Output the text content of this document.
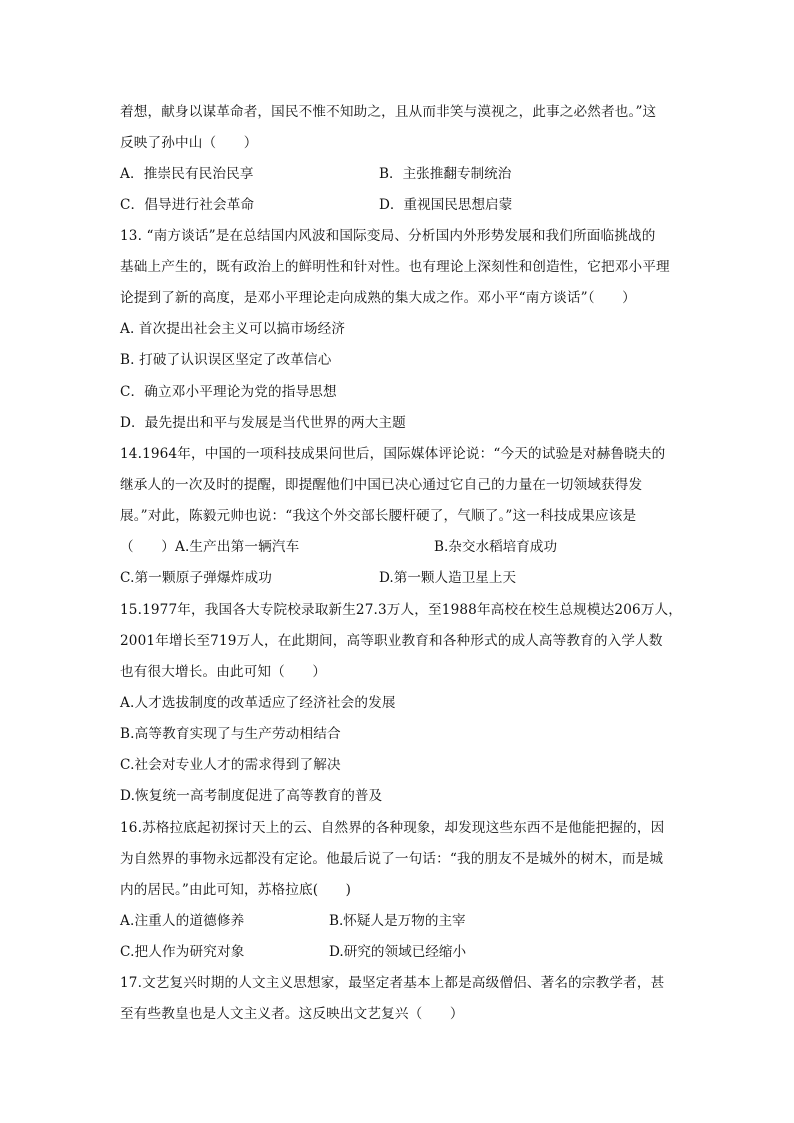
着想，献身以谋革命者，国民不惟不知助之，且从而非笑与漠视之，此事之必然者也。”这
反映了孙中山（　　）
A．推崇民有民治民享	B．主张推翻专制统治
C．倡导进行社会革命	D．重视国民思想启蒙
13. “南方谈话”是在总结国内风波和国际变局、分析国内外形势发展和我们所面临挑战的
基础上产生的，既有政治上的鲜明性和针对性。也有理论上深刻性和创造性，它把邓小平理
论提到了新的高度，是邓小平理论走向成熟的集大成之作。邓小平“南方谈话”（　　）
A. 首次提出社会主义可以搞市场经济
B. 打破了认识误区坚定了改革信心
C．确立邓小平理论为党的指导思想
D．最先提出和平与发展是当代世界的两大主题
14.1964年，中国的一项科技成果问世后，国际媒体评论说：“今天的试验是对赫鲁晓夫的
继承人的一次及时的提醒，即提醒他们中国已决心通过它自己的力量在一切领域获得发
展。”对此，陈毅元帅也说：“我这个外交部长腰杆硬了，气顺了。”这一科技成果应该是
（　　）A.生产出第一辆汽车	B.杂交水稻培育成功
C.第一颗原子弹爆炸成功	D.第一颗人造卫星上天
15.1977年，我国各大专院校录取新生27.3万人，至1988年高校在校生总规模达206万人，
2001年增长至719万人，在此期间，高等职业教育和各种形式的成人高等教育的入学人数
也有很大增长。由此可知（　　）
A.人才选拔制度的改革适应了经济社会的发展
B.高等教育实现了与生产劳动相结合
C.社会对专业人才的需求得到了解决
D.恢复统一高考制度促进了高等教育的普及
16.苏格拉底起初探讨天上的云、自然界的各种现象，却发现这些东西不是他能把握的，因
为自然界的事物永远都没有定论。他最后说了一句话：“我的朋友不是城外的树木，而是城
内的居民。”由此可知，苏格拉底(　　)
A.注重人的道德修养	B.怀疑人是万物的主宰
C.把人作为研究对象	D.研究的领域已经缩小
17.文艺复兴时期的人文主义思想家，最坚定者基本上都是高级僧侣、著名的宗教学者，甚
至有些教皇也是人文主义者。这反映出文艺复兴（　　）
